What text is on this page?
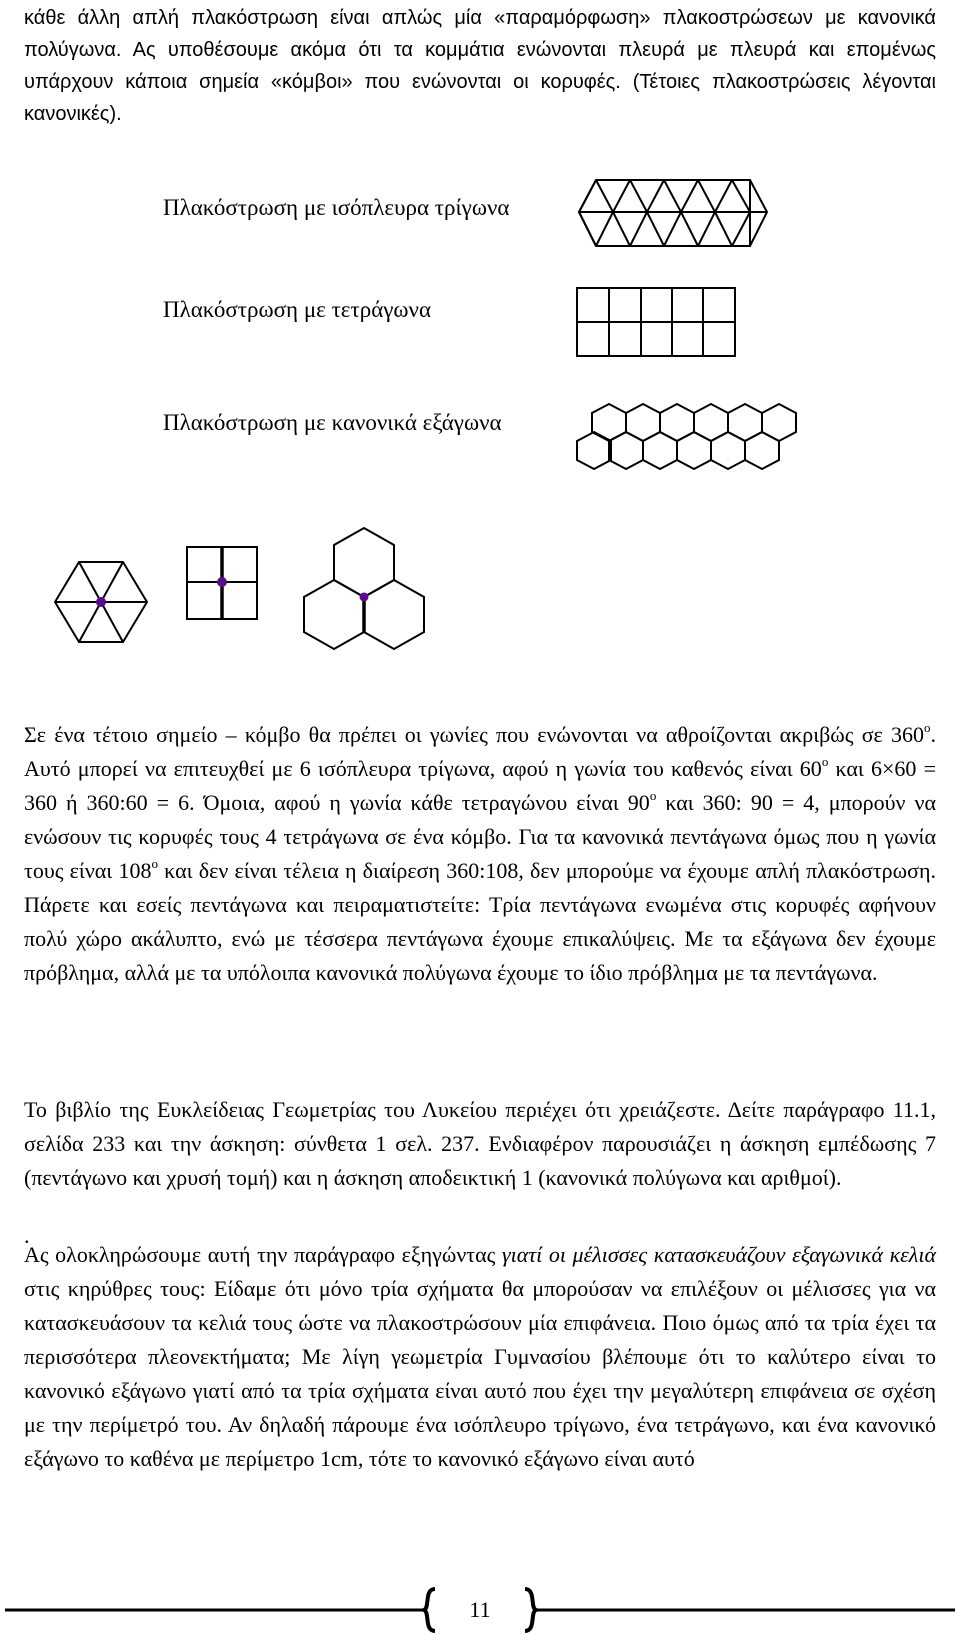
κάθε άλλη απλή πλακόστρωση είναι απλώς μία «παραμόρφωση» πλακοστρώσεων με κανονικά πολύγωνα. Ας υποθέσουμε ακόμα ότι τα κομμάτια ενώνονται πλευρά με πλευρά και επομένως υπάρχουν κάποια σημεία «κόμβοι» που ενώνονται οι κορυφές. (Τέτοιες πλακοστρώσεις λέγονται κανονικές).
Πλακόστρωση με ισόπλευρα τρίγωνα
Πλακόστρωση με τετράγωνα
Πλακόστρωση με κανονικά εξάγωνα
Σε ένα τέτοιο σημείο – κόμβο θα πρέπει οι γωνίες που ενώνονται να αθροίζονται ακριβώς σε $360^o$. Αυτό μπορεί να επιτευχθεί με 6 ισόπλευρα τρίγωνα, αφού η γωνία του καθενός είναι $60^o$ και 6×60 = 360 ή 360:60 = 6. Όμοια, αφού η γωνία κάθε τετραγώνου είναι $90^o$ και 360: 90 = 4, μπορούν να ενώσουν τις κορυφές τους 4 τετράγωνα σε ένα κόμβο. Για τα κανονικά πεντάγωνα όμως που η γωνία τους είναι $108^o$ και δεν είναι τέλεια η διαίρεση 360:108, δεν μπορούμε να έχουμε απλή πλακόστρωση. Πάρετε και εσείς πεντάγωνα και πειραματιστείτε: Τρία πεντάγωνα ενωμένα στις κορυφές αφήνουν πολύ χώρο ακάλυπτο, ενώ με τέσσερα πεντάγωνα έχουμε επικαλύψεις. Με τα εξάγωνα δεν έχουμε πρόβλημα, αλλά με τα υπόλοιπα κανονικά πολύγωνα έχουμε το ίδιο πρόβλημα με τα πεντάγωνα.
Το βιβλίο της Ευκλείδειας Γεωμετρίας του Λυκείου περιέχει ότι χρειάζεστε. Δείτε παράγραφο 11.1, σελίδα 233 και την άσκηση: σύνθετα 1 σελ. 237. Ενδιαφέρον παρουσιάζει η άσκηση εμπέδωσης 7 (πεντάγωνο και χρυσή τομή) και η άσκηση αποδεικτική 1 (κανονικά πολύγωνα και αριθμοί).
.
Ας ολοκληρώσουμε αυτή την παράγραφο εξηγώντας γιατί οι μέλισσες κατασκευάζουν εξαγωνικά κελιά στις κηρύθρες τους: Είδαμε ότι μόνο τρία σχήματα θα μπορούσαν να επιλέξουν οι μέλισσες για να κατασκευάσουν τα κελιά τους ώστε να πλακοστρώσουν μία επιφάνεια. Ποιο όμως από τα τρία έχει τα περισσότερα πλεονεκτήματα; Με λίγη γεωμετρία Γυμνασίου βλέπουμε ότι το καλύτερο είναι το κανονικό εξάγωνο γιατί από τα τρία σχήματα είναι αυτό που έχει την μεγαλύτερη επιφάνεια σε σχέση με την περίμετρό του. Αν δηλαδή πάρουμε ένα ισόπλευρο τρίγωνο, ένα τετράγωνο, και ένα κανονικό εξάγωνο το καθένα με περίμετρο 1cm, τότε το κανονικό εξάγωνο είναι αυτό
11
